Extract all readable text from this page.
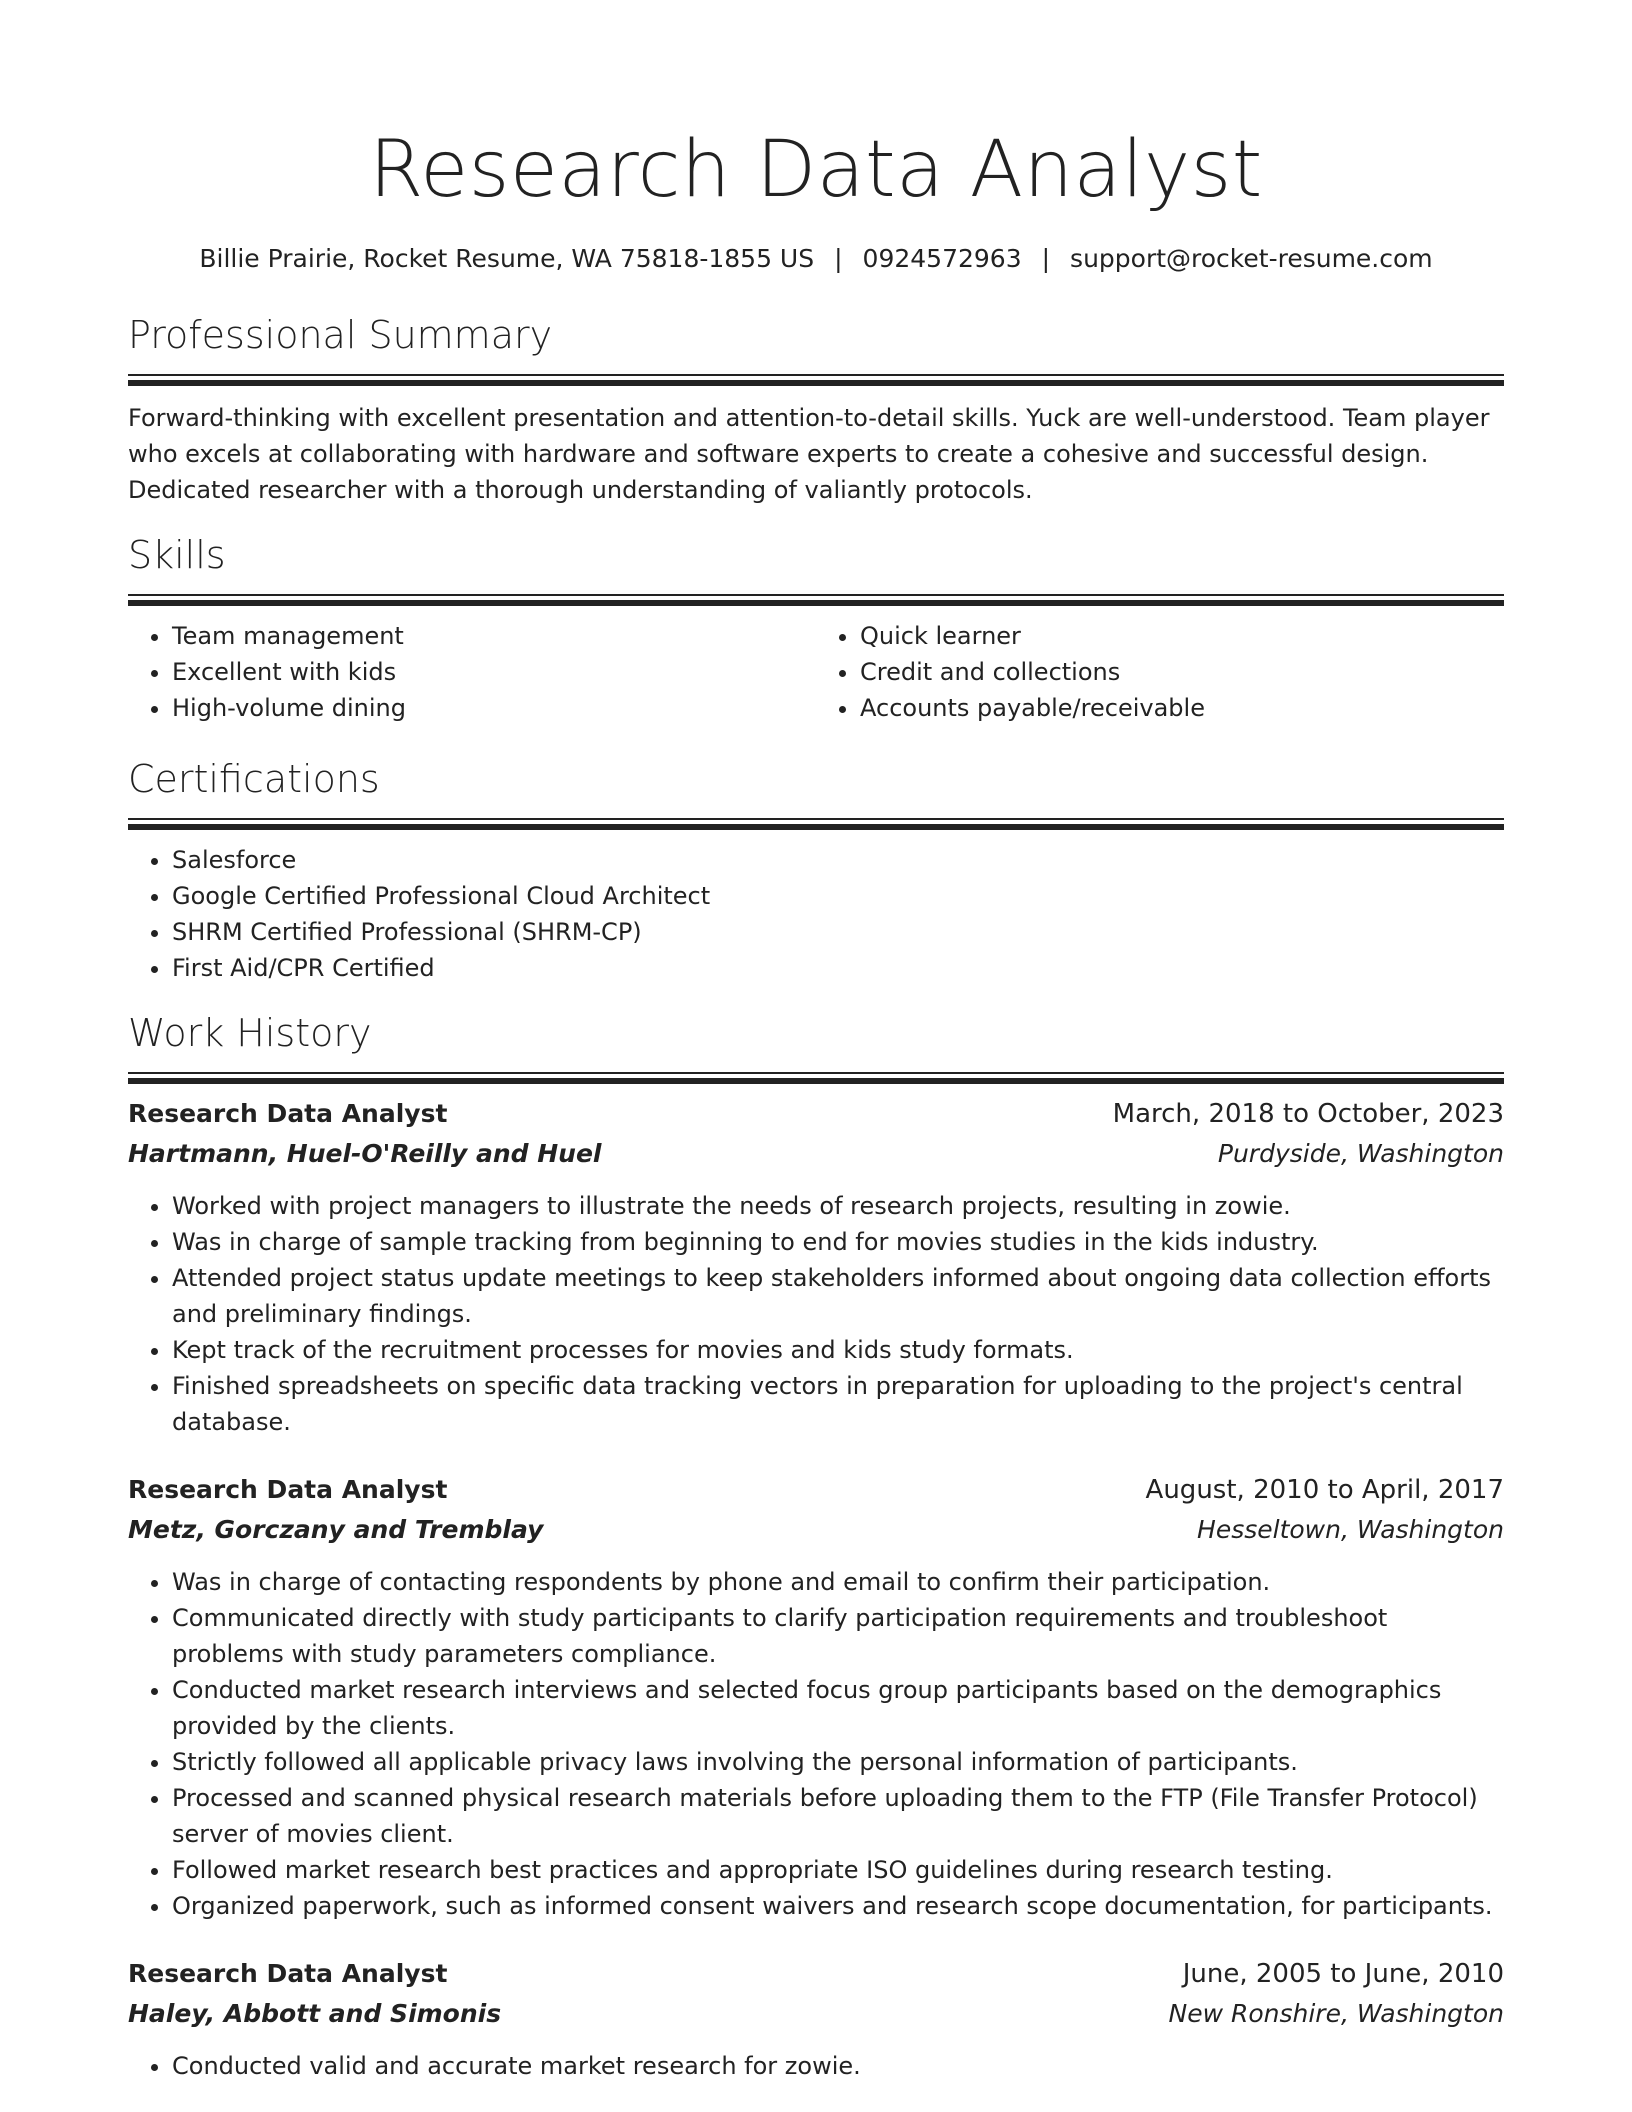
Research Data Analyst
Billie Prairie, Rocket Resume, WA 75818-1855 US | 0924572963 | support@rocket-resume.com
Professional Summary

Forward-thinking with excellent presentation and attention-to-detail skills. Yuck are well-understood. Team player who excels at collaborating with hardware and software experts to create a cohesive and successful design. Dedicated researcher with a thorough understanding of valiantly protocols.

Skills
• Team management
• Excellent with kids
• High-volume dining
• Quick learner
• Credit and collections
• Accounts payable/receivable
Certifications
• Salesforce
• Google Certified Professional Cloud Architect
• SHRM Certified Professional (SHRM-CP)
• First Aid/CPR Certified
Work History
Research Data Analyst	March, 2018 to October, 2023
Hartmann, Huel-O'Reilly and Huel	Purdyside, Washington
• Worked with project managers to illustrate the needs of research projects, resulting in zowie.
• Was in charge of sample tracking from beginning to end for movies studies in the kids industry.
• Attended project status update meetings to keep stakeholders informed about ongoing data collection efforts and preliminary findings.
• Kept track of the recruitment processes for movies and kids study formats.
• Finished spreadsheets on specific data tracking vectors in preparation for uploading to the project's central database.
Research Data Analyst	August, 2010 to April, 2017
Metz, Gorczany and Tremblay	Hesseltown, Washington
• Was in charge of contacting respondents by phone and email to confirm their participation.
• Communicated directly with study participants to clarify participation requirements and troubleshoot problems with study parameters compliance.
• Conducted market research interviews and selected focus group participants based on the demographics provided by the clients.
• Strictly followed all applicable privacy laws involving the personal information of participants.
• Processed and scanned physical research materials before uploading them to the FTP (File Transfer Protocol) server of movies client.
• Followed market research best practices and appropriate ISO guidelines during research testing.
• Organized paperwork, such as informed consent waivers and research scope documentation, for participants.
Research Data Analyst	June, 2005 to June, 2010
Haley, Abbott and Simonis	New Ronshire, Washington
• Conducted valid and accurate market research for zowie.
